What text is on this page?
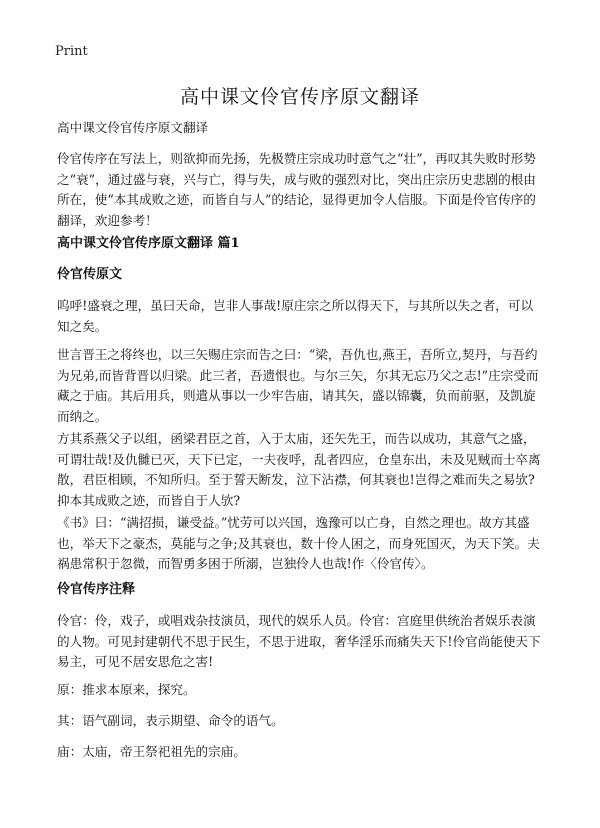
Print
高中课文伶官传序原文翻译

高中课文伶官传序原文翻译

伶官传序在写法上，则欲抑而先扬，先极赞庄宗成功时意气之“壮”，再叹其失败时形势之“衰”，通过盛与衰，兴与亡，得与失，成与败的强烈对比，突出庄宗历史悲剧的根由所在，使“本其成败之迹，而皆自与人”的结论，显得更加令人信服。下面是伶官传序的翻译，欢迎参考！

高中课文伶官传序原文翻译 篇1

伶官传原文

呜呼!盛衰之理，虽曰天命，岂非人事哉!原庄宗之所以得天下，与其所以失之者，可以知之矣。

世言晋王之将终也，以三矢赐庄宗而告之曰：“梁，吾仇也,燕王，吾所立,契丹，与吾约为兄弟,而皆背晋以归梁。此三者，吾遗恨也。与尔三矢，尔其无忘乃父之志!”庄宗受而藏之于庙。其后用兵，则遣从事以一少牢告庙，请其矢，盛以锦囊，负而前驱，及凯旋而纳之。

方其系燕父子以组，函梁君臣之首，入于太庙，还矢先王，而告以成功，其意气之盛，可谓壮哉!及仇雠已灭，天下已定，一夫夜呼，乱者四应，仓皇东出，未及见贼而士卒离散，君臣相顾，不知所归。至于誓天断发，泣下沾襟，何其衰也!岂得之难而失之易欤?抑本其成败之迹，而皆自于人欤?

《书》曰：“满招损，谦受益。”忧劳可以兴国，逸豫可以亡身，自然之理也。故方其盛也，举天下之豪杰，莫能与之争;及其衰也，数十伶人困之，而身死国灭，为天下笑。夫祸患常积于忽微，而智勇多困于所溺，岂独伶人也哉!作〈伶官传〉。

伶官传序注释

伶官：伶，戏子，或唱戏杂技演员，现代的娱乐人员。伶官：宫庭里供统治者娱乐表演的人物。可见封建朝代不思于民生，不思于进取，奢华淫乐而痛失天下!伶官尚能使天下易主，可见不居安思危之害!

原：推求本原来，探究。

其：语气副词，表示期望、命令的语气。

庙：太庙，帝王祭祀祖先的宗庙。
